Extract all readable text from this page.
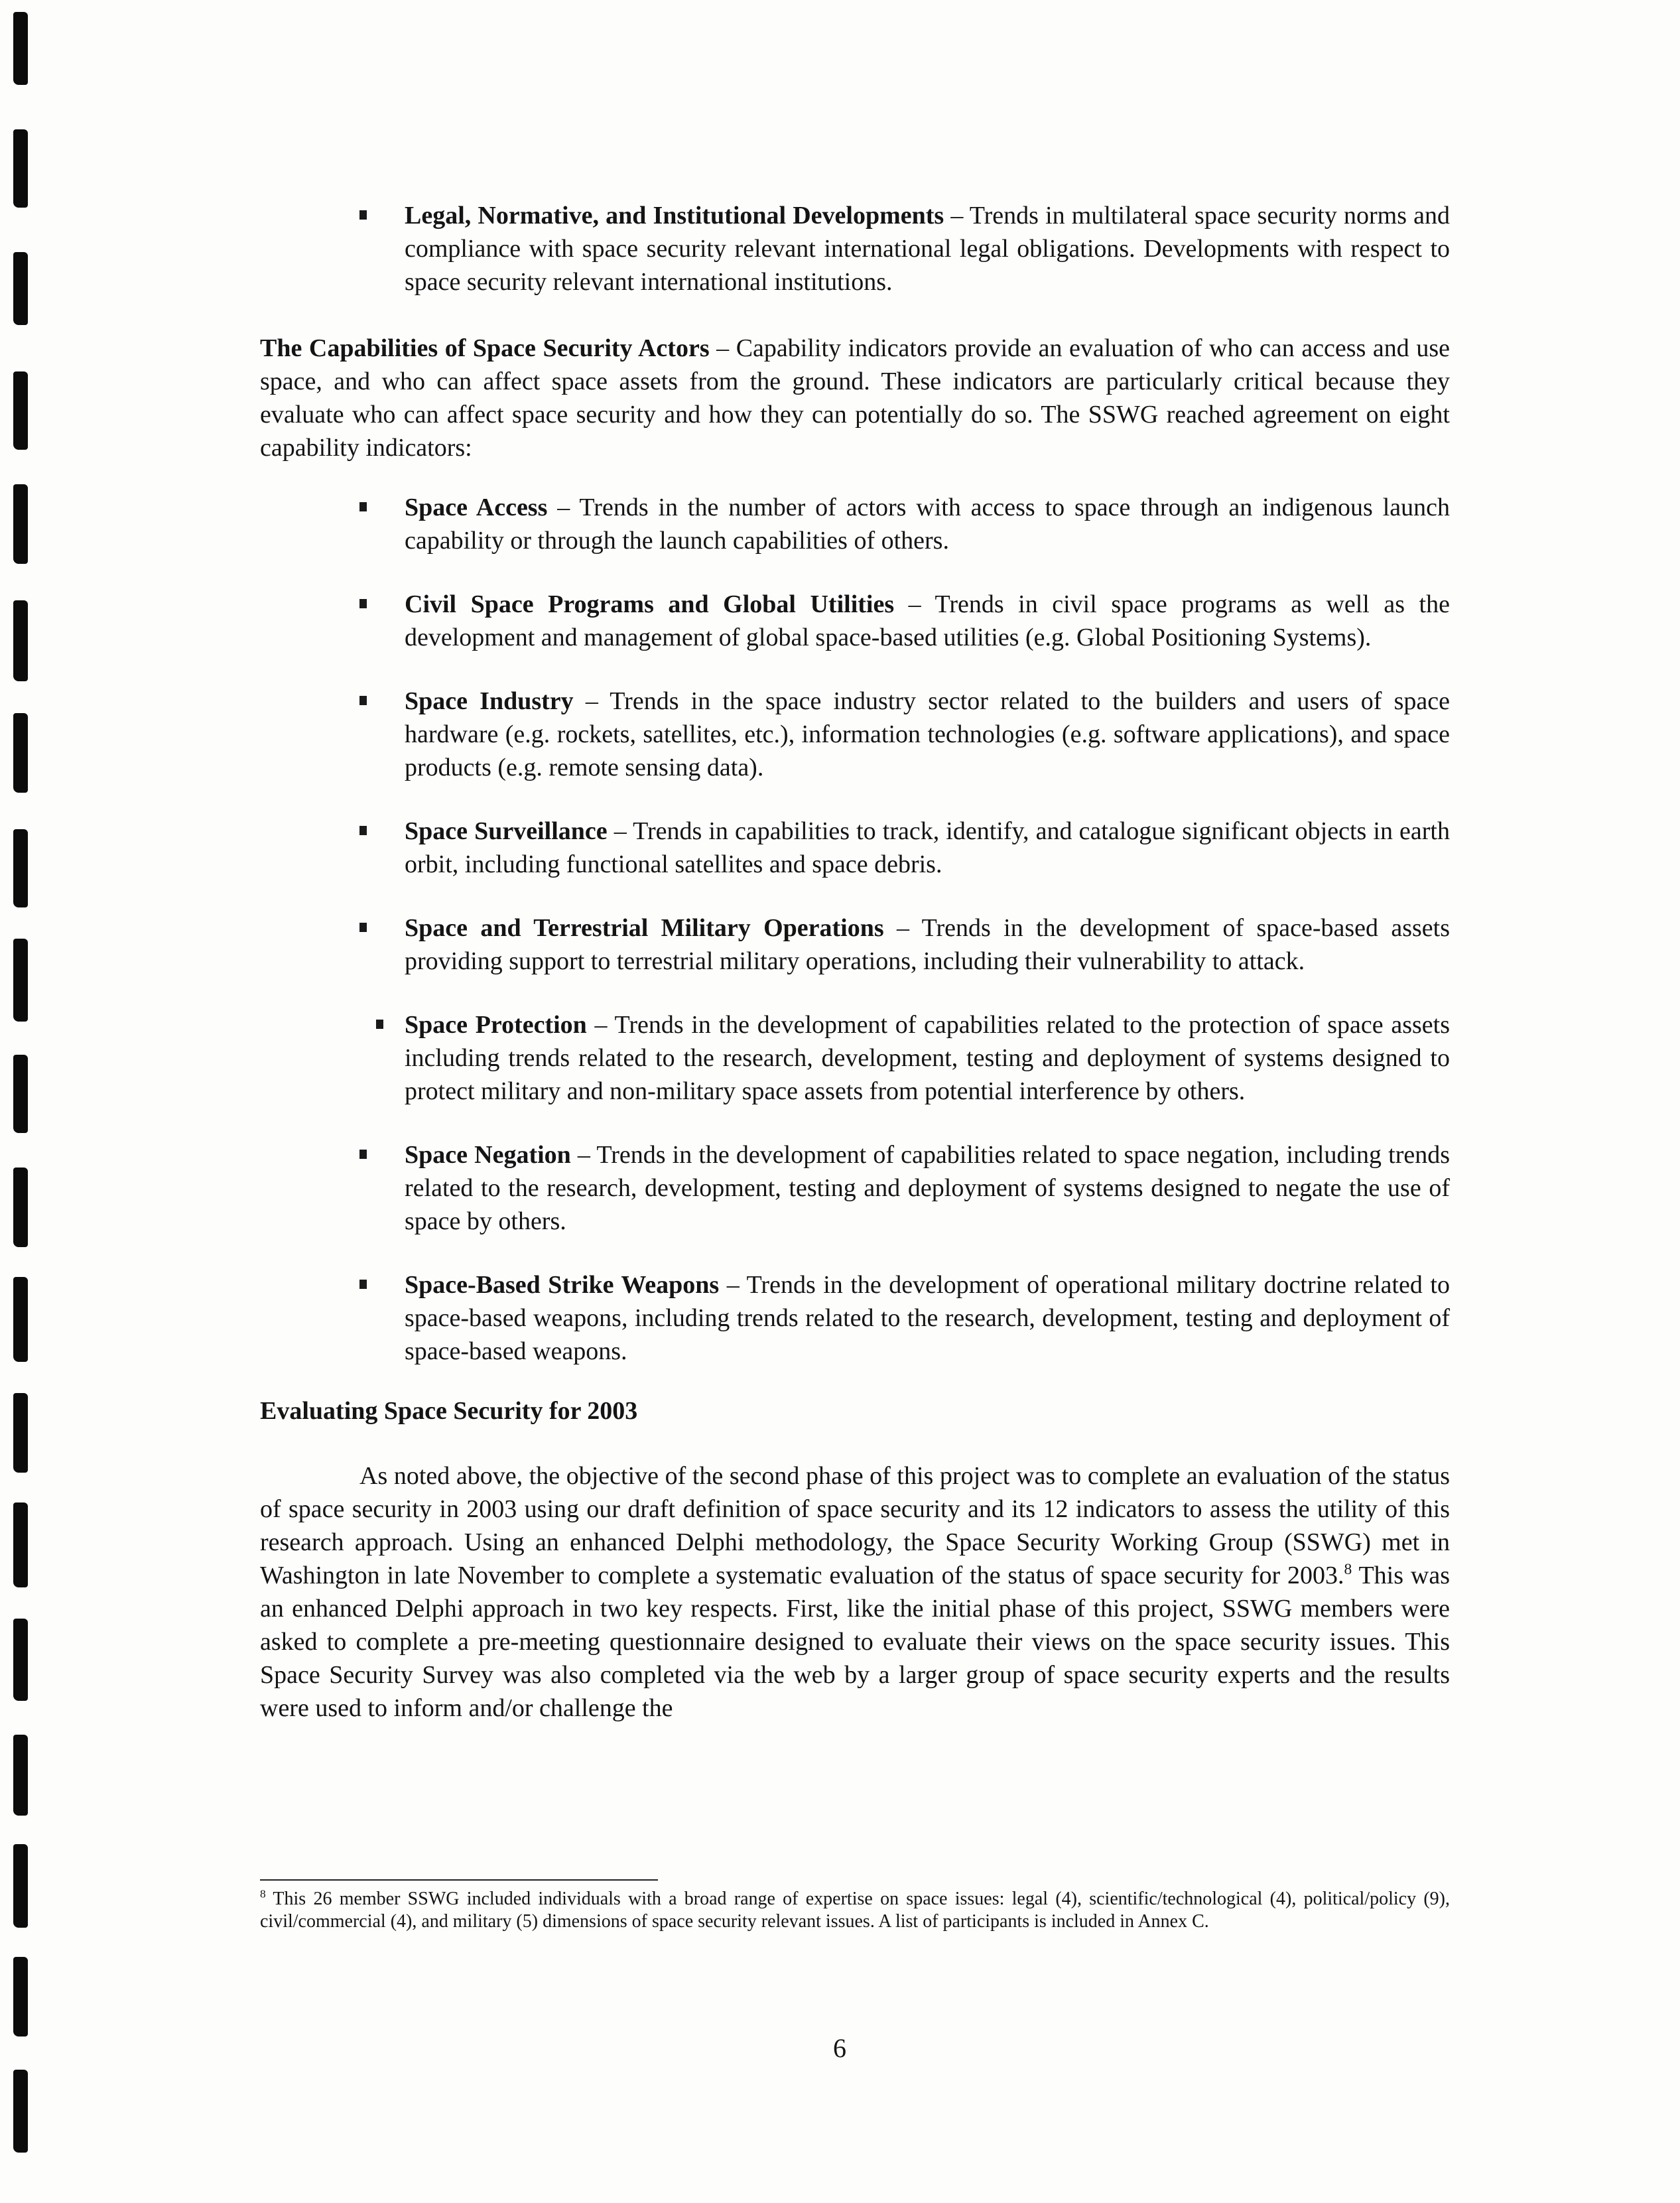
Legal, Normative, and Institutional Developments – Trends in multilateral space security norms and compliance with space security relevant international legal obligations. Developments with respect to space security relevant international institutions.

The Capabilities of Space Security Actors – Capability indicators provide an evaluation of who can access and use space, and who can affect space assets from the ground. These indicators are particularly critical because they evaluate who can affect space security and how they can potentially do so. The SSWG reached agreement on eight capability indicators:

Space Access – Trends in the number of actors with access to space through an indigenous launch capability or through the launch capabilities of others.
Civil Space Programs and Global Utilities – Trends in civil space programs as well as the development and management of global space-based utilities (e.g. Global Positioning Systems).
Space Industry – Trends in the space industry sector related to the builders and users of space hardware (e.g. rockets, satellites, etc.), information technologies (e.g. software applications), and space products (e.g. remote sensing data).
Space Surveillance – Trends in capabilities to track, identify, and catalogue significant objects in earth orbit, including functional satellites and space debris.
Space and Terrestrial Military Operations – Trends in the development of space-based assets providing support to terrestrial military operations, including their vulnerability to attack.
Space Protection – Trends in the development of capabilities related to the protection of space assets including trends related to the research, development, testing and deployment of systems designed to protect military and non-military space assets from potential interference by others.
Space Negation – Trends in the development of capabilities related to space negation, including trends related to the research, development, testing and deployment of systems designed to negate the use of space by others.
Space-Based Strike Weapons – Trends in the development of operational military doctrine related to space-based weapons, including trends related to the research, development, testing and deployment of space-based weapons.

Evaluating Space Security for 2003

As noted above, the objective of the second phase of this project was to complete an evaluation of the status of space security in 2003 using our draft definition of space security and its 12 indicators to assess the utility of this research approach. Using an enhanced Delphi methodology, the Space Security Working Group (SSWG) met in Washington in late November to complete a systematic evaluation of the status of space security for 2003.$^8$ This was an enhanced Delphi approach in two key respects. First, like the initial phase of this project, SSWG members were asked to complete a pre-meeting questionnaire designed to evaluate their views on the space security issues. This Space Security Survey was also completed via the web by a larger group of space security experts and the results were used to inform and/or challenge the

$^8$ This 26 member SSWG included individuals with a broad range of expertise on space issues: legal (4), scientific/technological (4), political/policy (9), civil/commercial (4), and military (5) dimensions of space security relevant issues. A list of participants is included in Annex C.

6
